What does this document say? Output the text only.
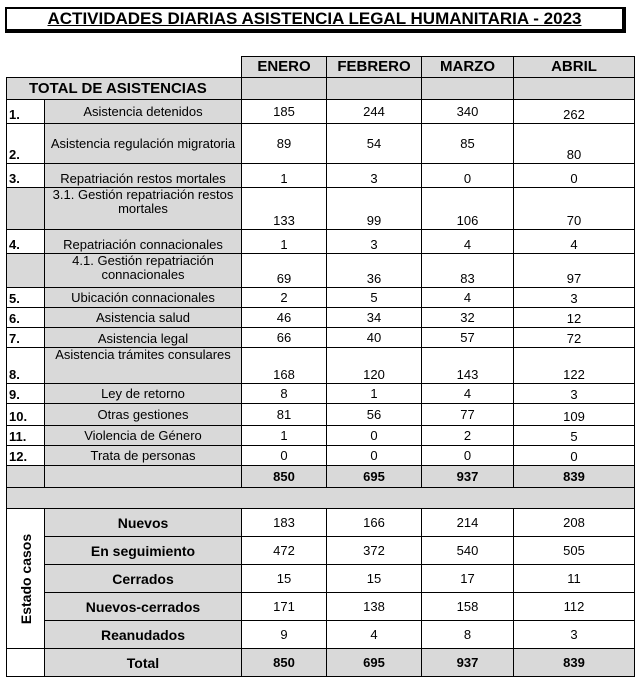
ACTIVIDADES DIARIAS ASISTENCIA LEGAL HUMANITARIA - 2023
		ENERO	FEBRERO	MARZO	ABRIL
TOTAL DE ASISTENCIAS					
1.	Asistencia detenidos	185	244	340	262
2.	Asistencia regulación migratoria	89	54	85	80
3.	Repatriación restos mortales	1	3	0	0
	3.1. Gestión repatriación restos mortales	133	99	106	70
4.	Repatriación connacionales	1	3	4	4
	4.1. Gestión repatriación connacionales	69	36	83	97
5.	Ubicación connacionales	2	5	4	3
6.	Asistencia salud	46	34	32	12
7.	Asistencia legal	66	40	57	72
8.	Asistencia trámites consulares	168	120	143	122
9.	Ley de retorno	8	1	4	3
10.	Otras gestiones	81	56	77	109
11.	Violencia de Género	1	0	2	5
12.	Trata de personas	0	0	0	0
		850	695	937	839

Estado casos	Nuevos	183	166	214	208
	En seguimiento	472	372	540	505
	Cerrados	15	15	17	11
	Nuevos-cerrados	171	138	158	112
	Reanudados	9	4	8	3
	Total	850	695	937	839
